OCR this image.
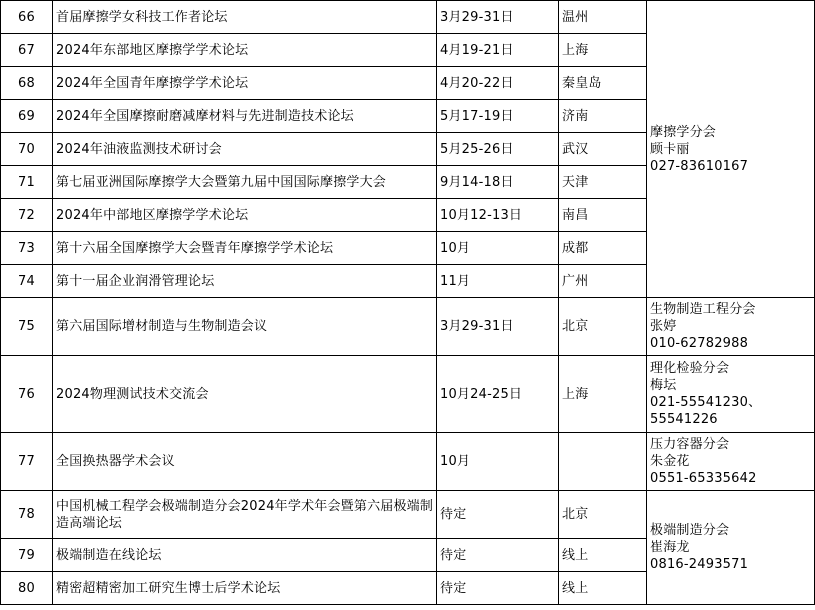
66	首届摩擦学女科技工作者论坛	3月29-31日	温州	摩擦学分会
顾卡丽
027-83610167

67	2024年东部地区摩擦学学术论坛	4月19-21日	上海	
68	2024年全国青年摩擦学学术论坛	4月20-22日	秦皇岛	
69	2024年全国摩擦耐磨减摩材料与先进制造技术论坛	5月17-19日	济南	
70	2024年油液监测技术研讨会	5月25-26日	武汉	
71	第七届亚洲国际摩擦学大会暨第九届中国国际摩擦学大会	9月14-18日	天津	
72	2024年中部地区摩擦学学术论坛	10月12-13日	南昌	
73	第十六届全国摩擦学大会暨青年摩擦学学术论坛	10月	成都	
74	第十一届企业润滑管理论坛	11月	广州	
75	第六届国际增材制造与生物制造会议	3月29-31日	北京	生物制造工程分会
张婷
010-62782988

76	2024物理测试技术交流会	10月24-25日	上海	理化检验分会
梅坛
021-55541230、
55541226

77	全国换热器学术会议	10月		压力容器分会
朱金花
0551-65335642

78	中国机械工程学会极端制造分会2024年学术年会暨第六届极端制造高端论坛	待定	北京	极端制造分会
崔海龙
0816-2493571

79	极端制造在线论坛	待定	线上	
80	精密超精密加工研究生博士后学术论坛	待定	线上	
